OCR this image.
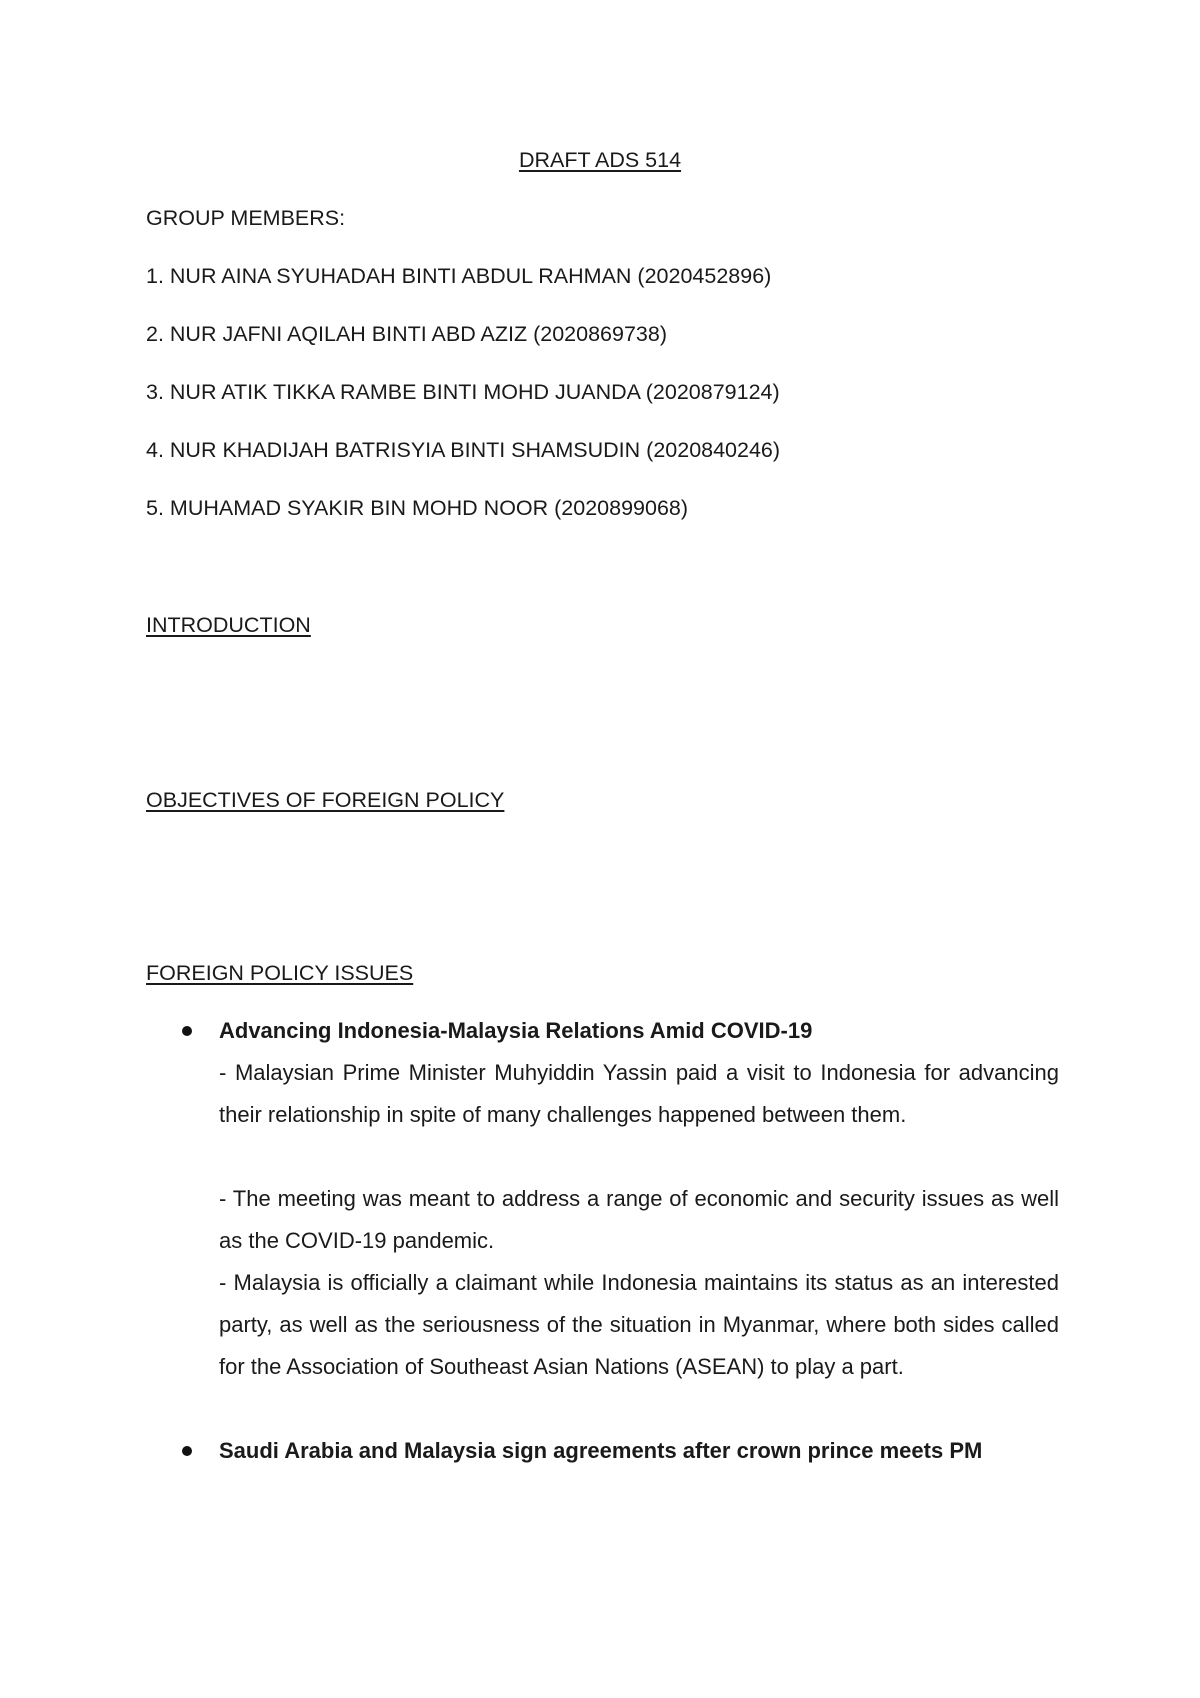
DRAFT ADS 514
GROUP MEMBERS:
1. NUR AINA SYUHADAH BINTI ABDUL RAHMAN (2020452896)
2. NUR JAFNI AQILAH BINTI ABD AZIZ (2020869738)
3. NUR ATIK TIKKA RAMBE BINTI MOHD JUANDA (2020879124)
4. NUR KHADIJAH BATRISYIA BINTI SHAMSUDIN (2020840246)
5. MUHAMAD SYAKIR BIN MOHD NOOR (2020899068)
INTRODUCTION
OBJECTIVES OF FOREIGN POLICY
FOREIGN POLICY ISSUES
Advancing Indonesia-Malaysia Relations Amid COVID-19
- Malaysian Prime Minister Muhyiddin Yassin paid a visit to Indonesia for advancing their relationship in spite of many challenges happened between them.
- The meeting was meant to address a range of economic and security issues as well as the COVID-19 pandemic.
- Malaysia is officially a claimant while Indonesia maintains its status as an interested party, as well as the seriousness of the situation in Myanmar, where both sides called for the Association of Southeast Asian Nations (ASEAN) to play a part.
Saudi Arabia and Malaysia sign agreements after crown prince meets PM
